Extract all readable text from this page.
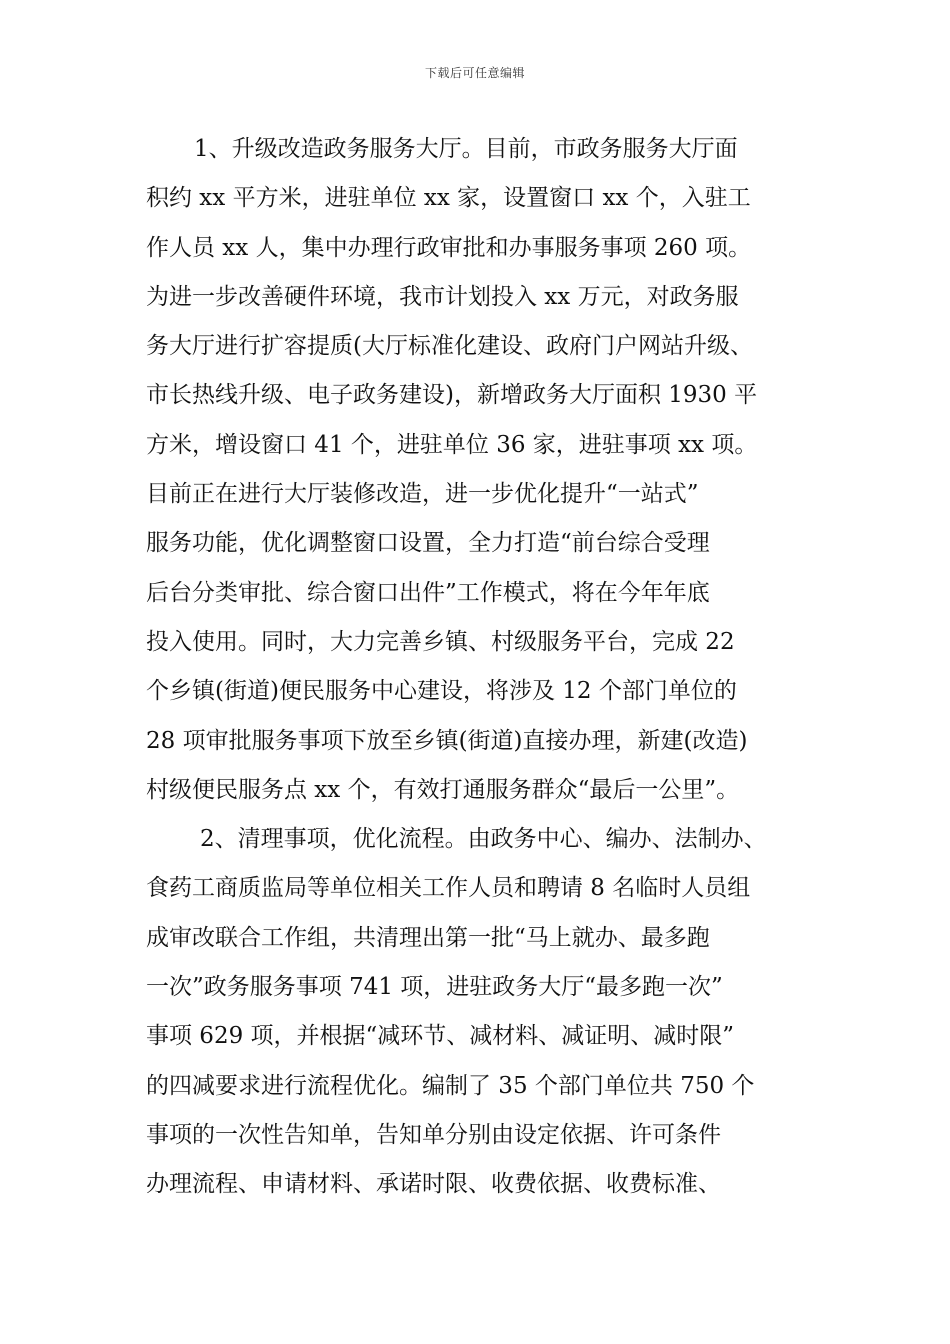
下载后可任意编辑
1、升级改造政务服务大厅。目前，市政务服务大厅面
积约 xx 平方米，进驻单位 xx 家，设置窗口 xx 个，入驻工
作人员 xx 人，集中办理行政审批和办事服务事项 260 项。
为进一步改善硬件环境，我市计划投入 xx 万元，对政务服
务大厅进行扩容提质(大厅标准化建设、政府门户网站升级、
市长热线升级、电子政务建设)，新增政务大厅面积 1930 平
方米，增设窗口 41 个，进驻单位 36 家，进驻事项 xx 项。
目前正在进行大厅装修改造，进一步优化提升“一站式”
服务功能，优化调整窗口设置，全力打造“前台综合受理
后台分类审批、综合窗口出件”工作模式，将在今年年底
投入使用。同时，大力完善乡镇、村级服务平台，完成 22
个乡镇(街道)便民服务中心建设，将涉及 12 个部门单位的
28 项审批服务事项下放至乡镇(街道)直接办理，新建(改造)
村级便民服务点 xx 个，有效打通服务群众“最后一公里”。
2、清理事项，优化流程。由政务中心、编办、法制办、
食药工商质监局等单位相关工作人员和聘请 8 名临时人员组
成审改联合工作组，共清理出第一批“马上就办、最多跑
一次”政务服务事项 741 项，进驻政务大厅“最多跑一次”
事项 629 项，并根据“减环节、减材料、减证明、减时限”
的四减要求进行流程优化。编制了 35 个部门单位共 750 个
事项的一次性告知单，告知单分别由设定依据、许可条件
办理流程、申请材料、承诺时限、收费依据、收费标准、
